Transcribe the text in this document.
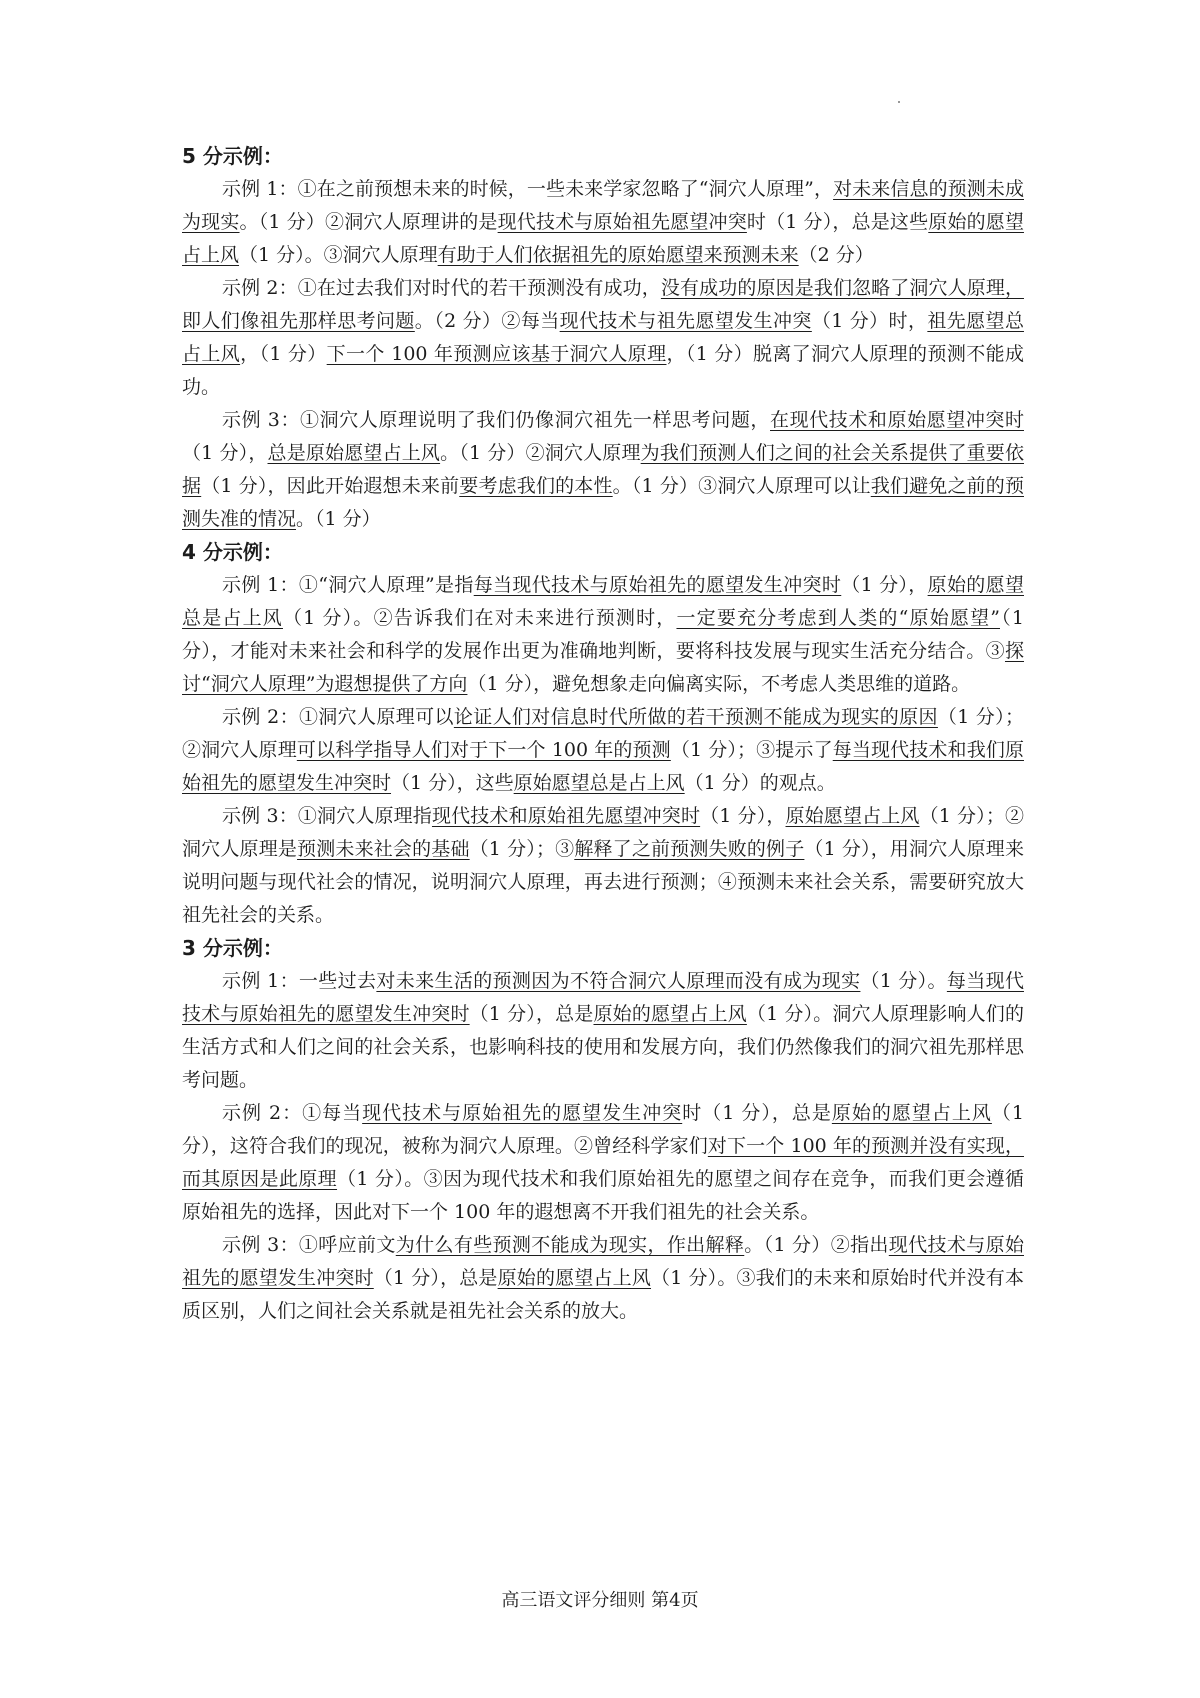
5 分示例：

示例 1：①在之前预想未来的时候，一些未来学家忽略了“洞穴人原理”，对未来信息的预测未成为现实。（1 分）②洞穴人原理讲的是现代技术与原始祖先愿望冲突时（1 分），总是这些原始的愿望占上风（1 分）。③洞穴人原理有助于人们依据祖先的原始愿望来预测未来（2 分）

示例 2：①在过去我们对时代的若干预测没有成功，没有成功的原因是我们忽略了洞穴人原理，即人们像祖先那样思考问题。（2 分）②每当现代技术与祖先愿望发生冲突（1 分）时，祖先愿望总占上风，（1 分）下一个 100 年预测应该基于洞穴人原理，（1 分）脱离了洞穴人原理的预测不能成功。

示例 3：①洞穴人原理说明了我们仍像洞穴祖先一样思考问题，在现代技术和原始愿望冲突时（1 分），总是原始愿望占上风。（1 分）②洞穴人原理为我们预测人们之间的社会关系提供了重要依据（1 分），因此开始遐想未来前要考虑我们的本性。（1 分）③洞穴人原理可以让我们避免之前的预测失准的情况。（1 分）

4 分示例：

示例 1：①“洞穴人原理”是指每当现代技术与原始祖先的愿望发生冲突时（1 分），原始的愿望总是占上风（1 分）。②告诉我们在对未来进行预测时，一定要充分考虑到人类的“原始愿望”（1 分），才能对未来社会和科学的发展作出更为准确地判断，要将科技发展与现实生活充分结合。③探讨“洞穴人原理”为遐想提供了方向（1 分），避免想象走向偏离实际，不考虑人类思维的道路。

示例 2：①洞穴人原理可以论证人们对信息时代所做的若干预测不能成为现实的原因（1 分）；②洞穴人原理可以科学指导人们对于下一个 100 年的预测（1 分）；③提示了每当现代技术和我们原始祖先的愿望发生冲突时（1 分），这些原始愿望总是占上风（1 分）的观点。

示例 3：①洞穴人原理指现代技术和原始祖先愿望冲突时（1 分），原始愿望占上风（1 分）；②洞穴人原理是预测未来社会的基础（1 分）；③解释了之前预测失败的例子（1 分），用洞穴人原理来说明问题与现代社会的情况，说明洞穴人原理，再去进行预测；④预测未来社会关系，需要研究放大祖先社会的关系。

3 分示例：

示例 1：一些过去对未来生活的预测因为不符合洞穴人原理而没有成为现实（1 分）。每当现代技术与原始祖先的愿望发生冲突时（1 分），总是原始的愿望占上风（1 分）。洞穴人原理影响人们的生活方式和人们之间的社会关系，也影响科技的使用和发展方向，我们仍然像我们的洞穴祖先那样思考问题。

示例 2：①每当现代技术与原始祖先的愿望发生冲突时（1 分），总是原始的愿望占上风（1 分），这符合我们的现况，被称为洞穴人原理。②曾经科学家们对下一个 100 年的预测并没有实现，而其原因是此原理（1 分）。③因为现代技术和我们原始祖先的愿望之间存在竞争，而我们更会遵循原始祖先的选择，因此对下一个 100 年的遐想离不开我们祖先的社会关系。

示例 3：①呼应前文为什么有些预测不能成为现实，作出解释。（1 分）②指出现代技术与原始祖先的愿望发生冲突时（1 分），总是原始的愿望占上风（1 分）。③我们的未来和原始时代并没有本质区别，人们之间社会关系就是祖先社会关系的放大。

高三语文评分细则 第4页
